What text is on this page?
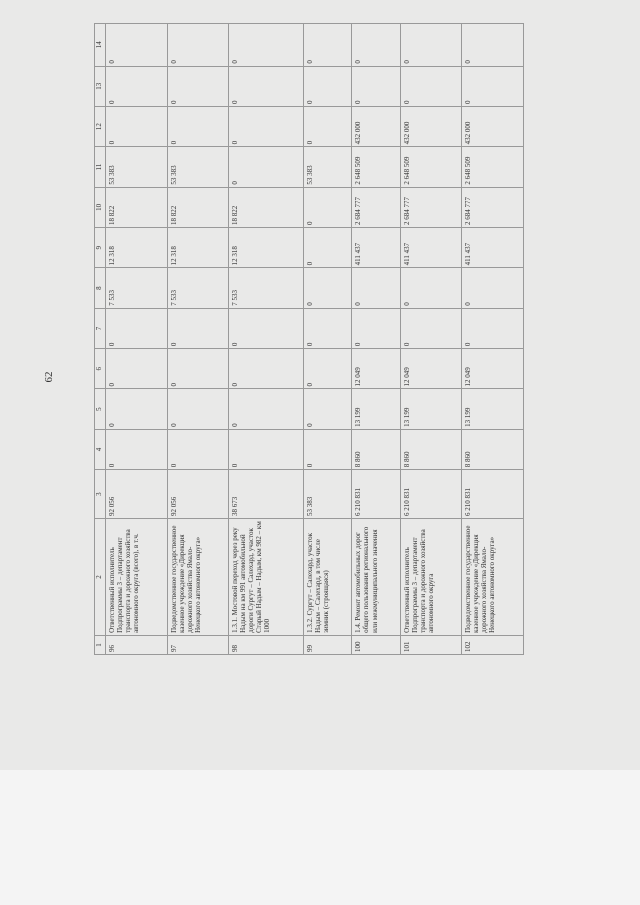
62
1	2	3	4	5	6	7	8	9	10	11	12	13	14
96	Ответственный исполнитель Подпрограммы 3 – департамент транспорта и дорожного хозяйства автономного округа (всего), в т.ч.	92 056	0	0	0	0	7 533	12 318	18 822	53 383	0	0	0
97	Подведомственное государственное казенное учреждение «Дирекция дорожного хозяйства Ямало-Ненецкого автономного округа»	92 056	0	0	0	0	7 533	12 318	18 822	53 383	0	0	0
98	1.3.1. Мостовой переход через реку Надым на км 991 автомобильной дороги Сургут – Салехард, участок Старый Надым – Надым, км 982 – км 1000	38 673	0	0	0	0	7 533	12 318	18 822	0	0	0	0
99	1.3.2. Сургут – Салехард, участок Надым – Салехард, в том числе зимник (строящаяся)	53 383	0	0	0	0	0	0	0	53 383	0	0	0
100	1.4. Ремонт автомобильных дорог общего пользования регионального или межмуниципального значения	6 210 831	8 860	13 199	12 049	0	0	411 437	2 684 777	2 648 509	432 000	0	0
101	Ответственный исполнитель Подпрограммы 3 – департамент транспорта и дорожного хозяйства автономного округа	6 210 831	8 860	13 199	12 049	0	0	411 437	2 684 777	2 648 509	432 000	0	0
102	Подведомственное государственное казенное учреждение «Дирекция дорожного хозяйства Ямало-Ненецкого автономного округа»	6 210 831	8 860	13 199	12 049	0	0	411 437	2 684 777	2 648 509	432 000	0	0
